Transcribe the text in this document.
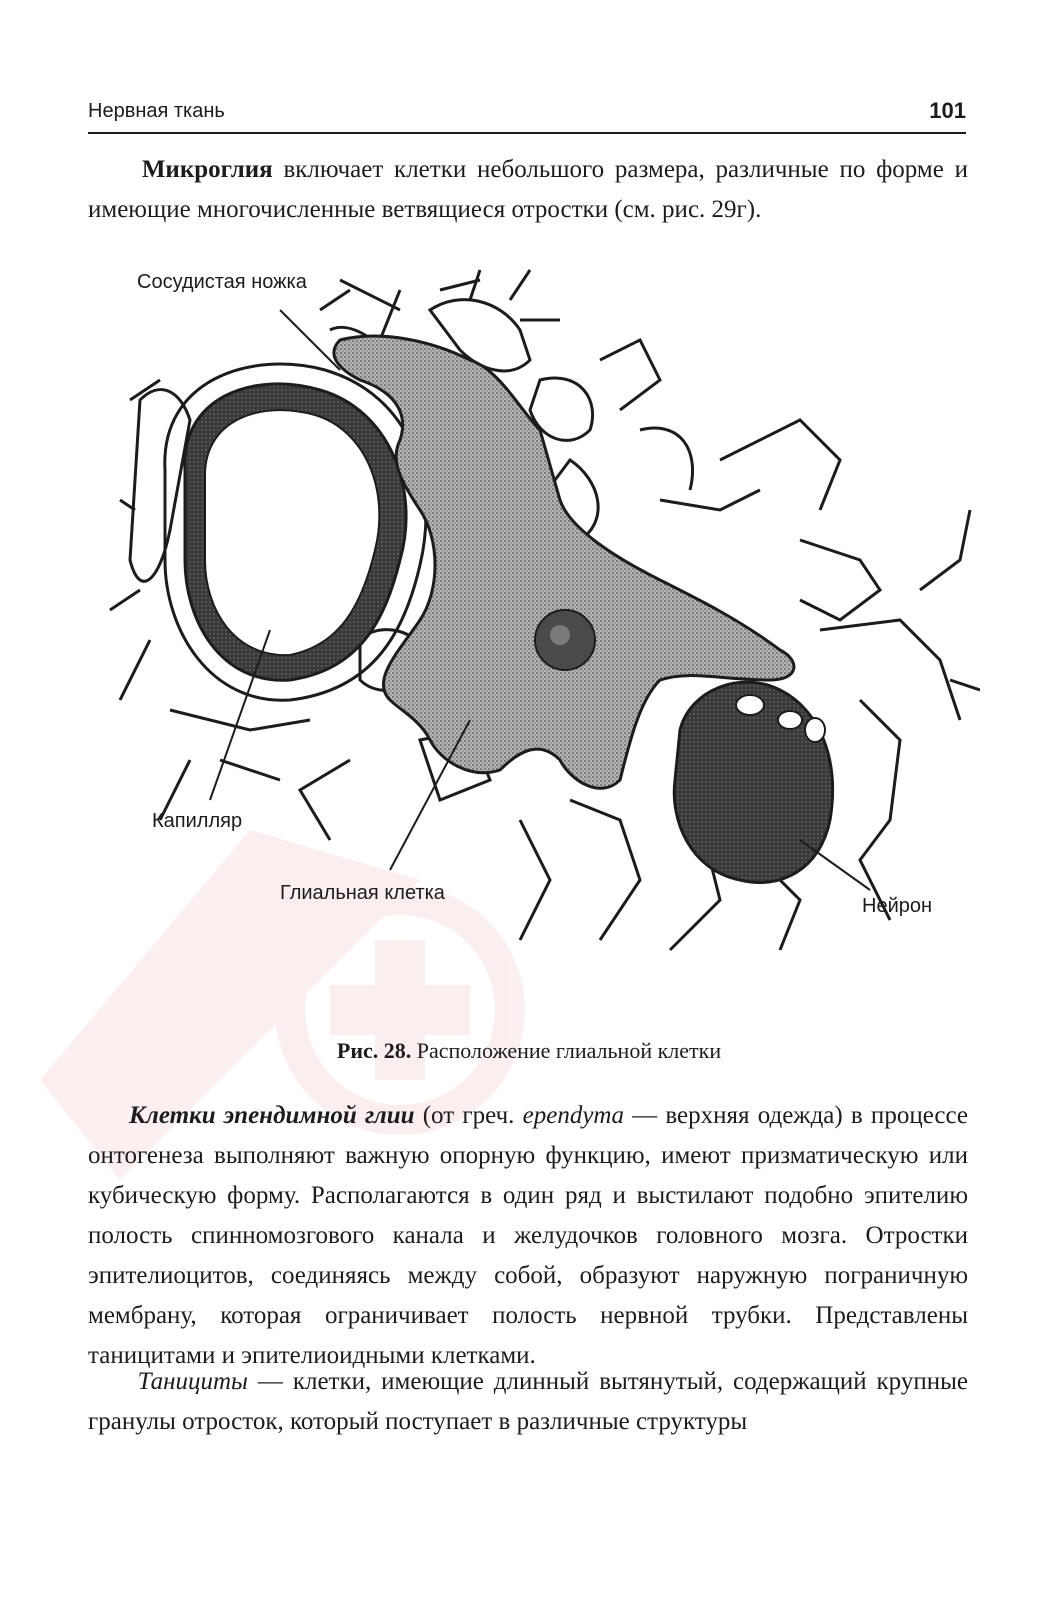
Нервная ткань	101

Микроглия включает клетки небольшого размера, различные по форме и имеющие многочисленные ветвящиеся отростки (см. рис. 29г).

Сосудистая ножка
Капилляр
Глиальная клетка
Нейрон
Рис. 28. Расположение глиальной клетки

Клетки эпендимной глии (от греч. ependyma — верхняя одежда) в процессе онтогенеза выполняют важную опорную функцию, имеют призматическую или кубическую форму. Располагаются в один ряд и выстилают подобно эпителию полость спинномозгового канала и желудочков головного мозга. Отростки эпителиоцитов, соединяясь между собой, образуют наружную пограничную мембрану, которая ограничивает полость нервной трубки. Представлены таницитами и эпителиоидными клетками.

Танициты — клетки, имеющие длинный вытянутый, содержащий крупные гранулы отросток, который поступает в различные структуры
